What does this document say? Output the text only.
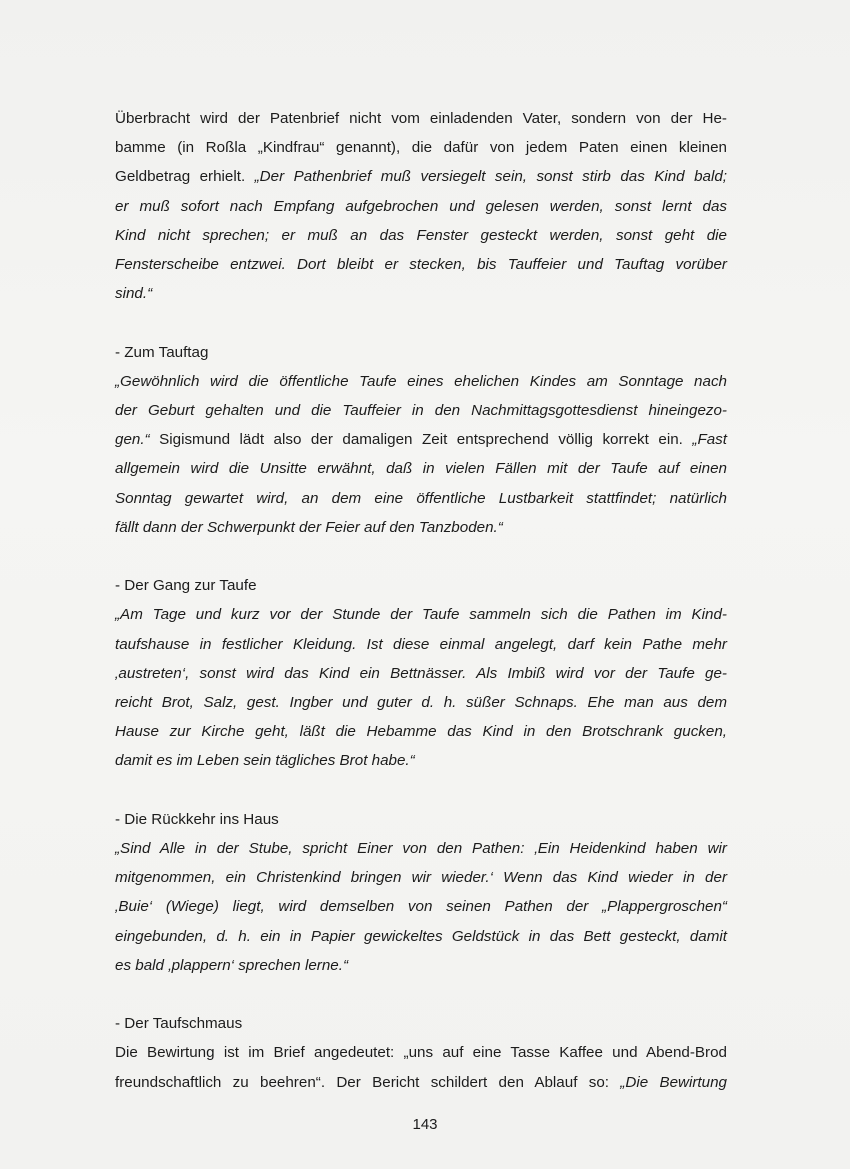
Überbracht wird der Patenbrief nicht vom einladenden Vater, sondern von der He-
bamme (in Roßla „Kindfrau“ genannt), die dafür von jedem Paten einen kleinen
Geldbetrag erhielt. „Der Pathenbrief muß versiegelt sein, sonst stirb das Kind bald;
er muß sofort nach Empfang aufgebrochen und gelesen werden, sonst lernt das
Kind nicht sprechen; er muß an das Fenster gesteckt werden, sonst geht die
Fensterscheibe entzwei. Dort bleibt er stecken, bis Tauffeier und Tauftag vorüber
sind.“

- Zum Tauftag
„Gewöhnlich wird die öffentliche Taufe eines ehelichen Kindes am Sonntage nach
der Geburt gehalten und die Tauffeier in den Nachmittagsgottesdienst hineingezo-
gen.“ Sigismund lädt also der damaligen Zeit entsprechend völlig korrekt ein. „Fast
allgemein wird die Unsitte erwähnt, daß in vielen Fällen mit der Taufe auf einen
Sonntag gewartet wird, an dem eine öffentliche Lustbarkeit stattfindet; natürlich
fällt dann der Schwerpunkt der Feier auf den Tanzboden.“

- Der Gang zur Taufe
„Am Tage und kurz vor der Stunde der Taufe sammeln sich die Pathen im Kind-
taufshause in festlicher Kleidung. Ist diese einmal angelegt, darf kein Pathe mehr
‚austreten‘, sonst wird das Kind ein Bettnässer. Als Imbiß wird vor der Taufe ge-
reicht Brot, Salz, gest. Ingber und guter d. h. süßer Schnaps. Ehe man aus dem
Hause zur Kirche geht, läßt die Hebamme das Kind in den Brotschrank gucken,
damit es im Leben sein tägliches Brot habe.“

- Die Rückkehr ins Haus
„Sind Alle in der Stube, spricht Einer von den Pathen: ‚Ein Heidenkind haben wir
mitgenommen, ein Christenkind bringen wir wieder.‘ Wenn das Kind wieder in der
‚Buie‘ (Wiege) liegt, wird demselben von seinen Pathen der „Plappergroschen“
eingebunden, d. h. ein in Papier gewickeltes Geldstück in das Bett gesteckt, damit
es bald ‚plappern‘ sprechen lerne.“

- Der Taufschmaus
Die Bewirtung ist im Brief angedeutet: „uns auf eine Tasse Kaffee und Abend-Brod
freundschaftlich zu beehren“. Der Bericht schildert den Ablauf so: „Die Bewirtung

143
